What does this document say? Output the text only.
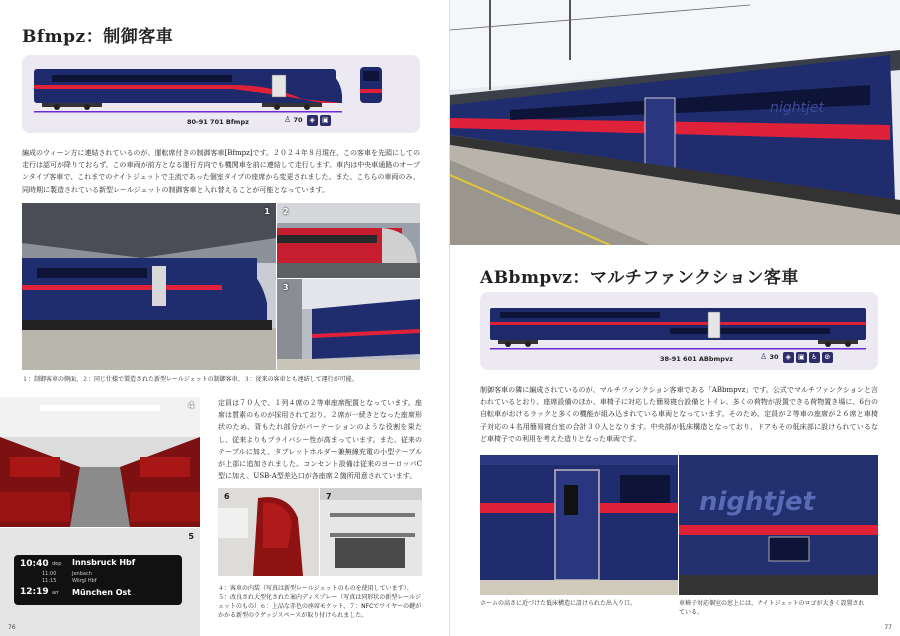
Bfmpz：制御客車
80-91 701 Bfmpz	♙ 70 ◈ ▣
編成のウィーン方に連結されているのが、運転席付きの制御客車[Bfmpz]です。２０２４年８月現在、この客車を先頭にしての走行は認可が降りておらず、この車両が前方となる運行方向でも機関車を前に連結して走行します。車内は中央車通路のオープンタイプ客車で、これまでのナイトジェットで主流であった個室タイプの座席から変更されました。また、こちらの車両のみ、同時期に製造されている新型レールジェットの制御客車と入れ替えることが可能となっています。
1 2
3
１：制御客車の側面、２：同じ仕様で製造された新型レールジェットの制御客車、３：従来の客車とも連結して運行が可能。
4
10:40 dep Innsbruck Hbf
11:00	Jenbach
11:15	Wörgl Hbf
12:19 arr München Ost
5
定員は７０人で、１列４席の２等車座席配置となっています。座席は質素のものが採用されており、２席が一続きとなった座席形状のため、背もたれ部分がパーテーションのような役割を果たし、従来よりもプライバシー性が高まっています。また、従来のテーブルに加え、タブレットホルダー兼無線充電の小型テーブルが上部に追加されました。コンセント設備は従来のヨーロッパC型に加え、USB-A型差込口が各座席２箇所用意されています。
6	7
４：客車の内装（写真は新型レールジェットのものを使用しています）、５：改良され大型化された案内ディスプレー（写真は同形状の新型レールジェットのもの）６：上品な赤色の座席モケット、７：NFCでワイヤーの鍵がかかる新型のラゲッジスペースが取り付けられました。
76
nightjet
ABbmpvz：マルチファンクション客車
38-91 601 ABbmpvz	♙ 30 ◈ ▣ ♿ ⊙
制御客車の隣に編成されているのが、マルチファンクション客車である「ABbmpvz」です。公式でマルチファンクションと言われているとおり、座席設備のほか、車椅子に対応した簡易寝台設備とトイレ、多くの荷物が設置できる荷物置き場に、6台の自転車がおけるラックと多くの機能が組み込まれている車両となっています。そのため、定員が２等車の座席が２６席と車椅子対応の４名用簡易寝台室の合計３０人となります。中央部が低床構造となっており、ドアもその低床部に設けられているなど車椅子での利用を考えた造りとなった車両です。
nightjet
ホームの高さに近づけた低床構造に設けられた出入り口。	車椅子対応個室の窓上には、ナイトジェットのロゴが大きく設置されている。
77
